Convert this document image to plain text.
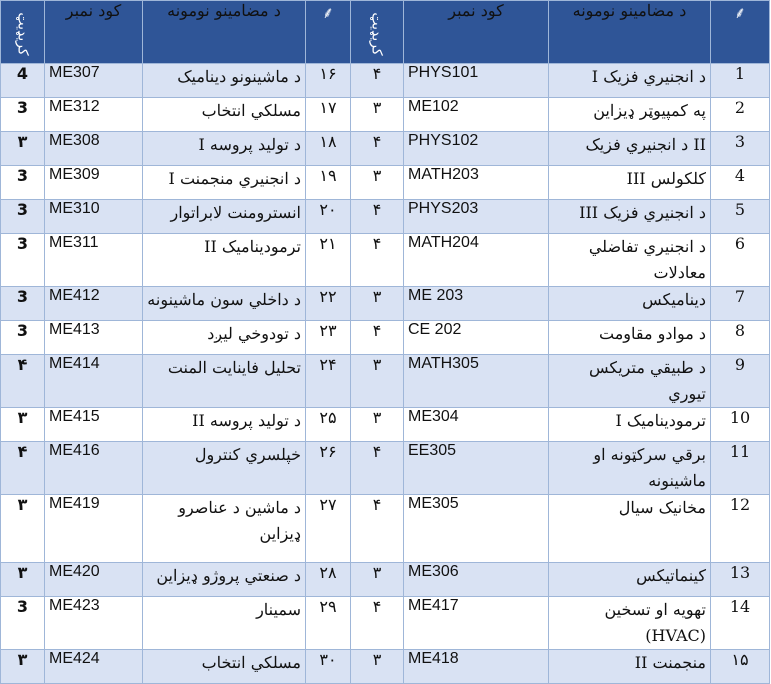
کریډیټ	کود نمبر	د مضامینو نومونه	⸙	کریډیټ	کود نمبر	د مضامینو نومونه	⸙
4	ME307	د ماشینونو دینامیک	۱۶	۴	PHYS101	د انجنیري فزیک I	1
3	ME312	مسلکي انتخاب	۱۷	۳	ME102	په کمپیوټر ډیزاین	2
۳	ME308	د تولید پروسه I	۱۸	۴	PHYS102	II د انجنیري فزیک	3
3	ME309	د انجنیري منجمنت I	۱۹	۳	MATH203	کلکولس III	4
3	ME310	انسترومنت لابراتوار	۲۰	۴	PHYS203	د انجنیري فزیک III	5
3	ME311	ترمودینامیک II	۲۱	۴	MATH204	د انجنیري تفاضلي معادلات	6
3	ME412	د داخلي سون ماشینونه	۲۲	۳	ME 203	دینامیکس	7
3	ME413	د تودوخي لیږد	۲۳	۴	CE 202	د موادو مقاومت	8
۴	ME414	تحلیل فاینایت المنت	۲۴	۳	MATH305	د طبیقي متریکس تیوري	9
۳	ME415	د تولید پروسه II	۲۵	۳	ME304	ترمودینامیک I	10
۴	ME416	خپلسري کنترول	۲۶	۴	EE305	برقي سرکټونه او ماشینونه	11
۳	ME419	د ماشین د عناصرو ډیزاین	۲۷	۴	ME305	مخانیک سیال	12
۳	ME420	د صنعتي پروژو ډیزاین	۲۸	۳	ME306	کینماتیکس	13
3	ME423	سمینار	۲۹	۴	ME417	تهویه او تسخین (HVAC)	14
۳	ME424	مسلکي انتخاب	۳۰	۳	ME418	منجمنت II	۱۵
